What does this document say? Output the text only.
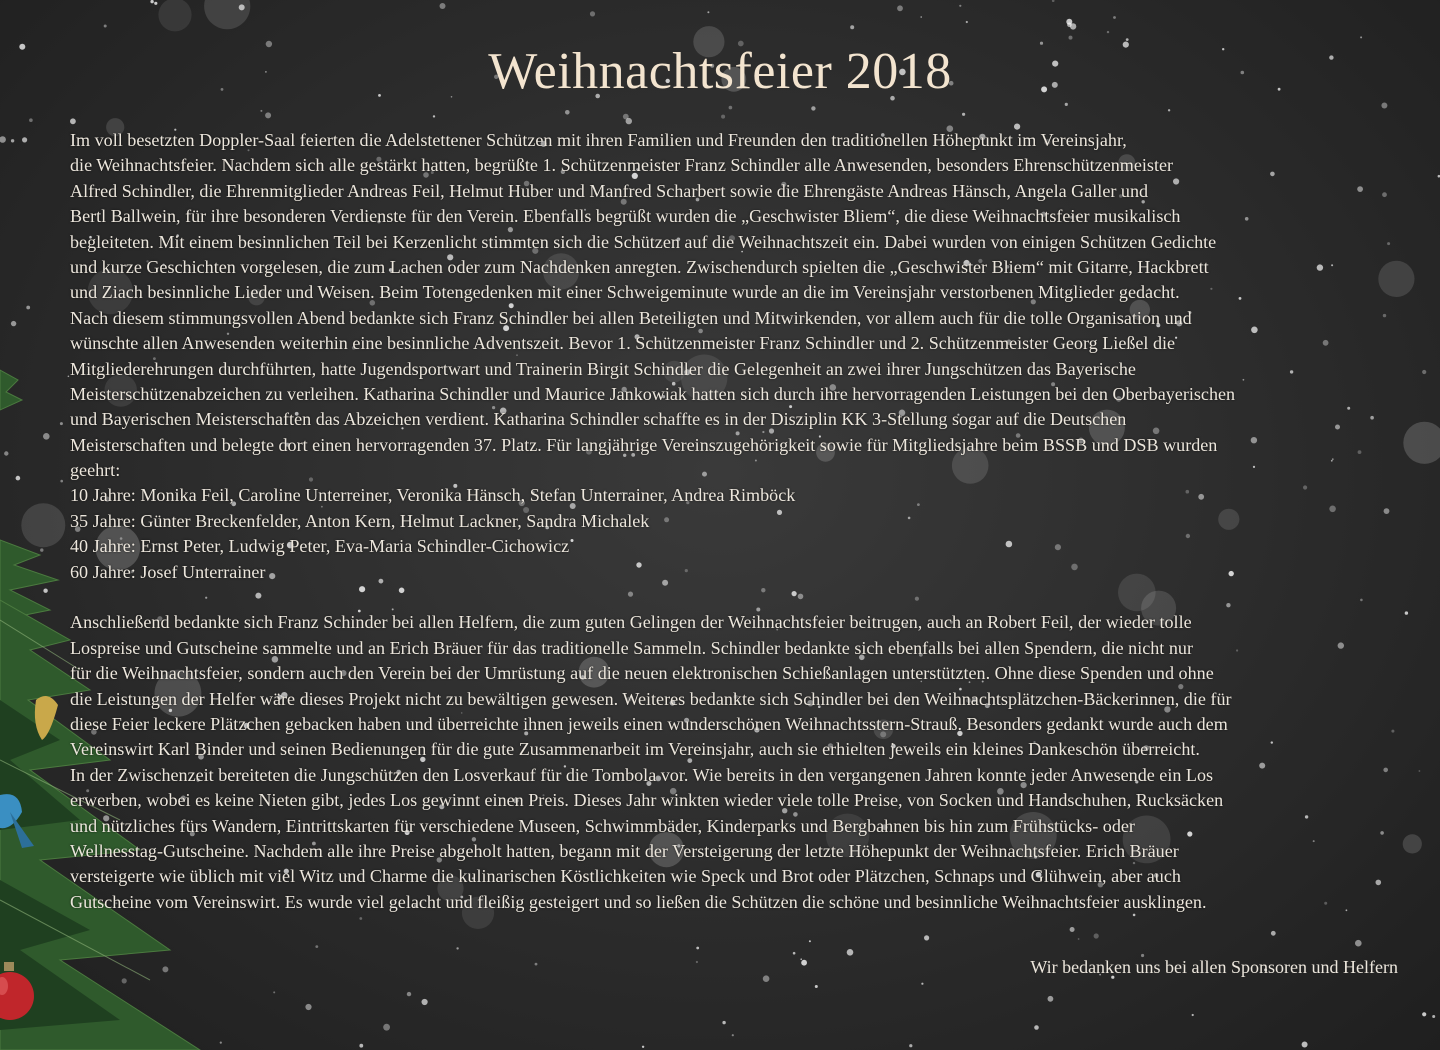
Weihnachtsfeier 2018
Im voll besetzten Doppler-Saal feierten die Adelstettener Schützen mit ihren Familien und Freunden den traditionellen Höhepunkt im Vereinsjahr,
die Weihnachtsfeier. Nachdem sich alle gestärkt hatten, begrüßte 1. Schützenmeister Franz Schindler alle Anwesenden, besonders Ehrenschützenmeister
Alfred Schindler, die Ehrenmitglieder Andreas Feil, Helmut Huber und Manfred Scharbert sowie die Ehrengäste Andreas Hänsch, Angela Galler und
Bertl Ballwein, für ihre besonderen Verdienste für den Verein. Ebenfalls begrüßt wurden die „Geschwister Bliem“, die diese Weihnachtsfeier musikalisch
begleiteten. Mit einem besinnlichen Teil bei Kerzenlicht stimmten sich die Schützen auf die Weihnachtszeit ein. Dabei wurden von einigen Schützen Gedichte
und kurze Geschichten vorgelesen, die zum Lachen oder zum Nachdenken anregten. Zwischendurch spielten die „Geschwister Bliem“ mit Gitarre, Hackbrett
und Ziach besinnliche Lieder und Weisen. Beim Totengedenken mit einer Schweigeminute wurde an die im Vereinsjahr verstorbenen Mitglieder gedacht.
Nach diesem stimmungsvollen Abend bedankte sich Franz Schindler bei allen Beteiligten und Mitwirkenden, vor allem auch für die tolle Organisation und
wünschte allen Anwesenden weiterhin eine besinnliche Adventszeit. Bevor 1. Schützenmeister Franz Schindler und 2. Schützenmeister Georg Ließel die
Mitgliederehrungen durchführten, hatte Jugendsportwart und Trainerin Birgit Schindler die Gelegenheit an zwei ihrer Jungschützen das Bayerische
Meisterschützenabzeichen zu verleihen. Katharina Schindler und Maurice Jankowiak hatten sich durch ihre hervorragenden Leistungen bei den Oberbayerischen
und Bayerischen Meisterschaften das Abzeichen verdient. Katharina Schindler schaffte es in der Disziplin KK 3-Stellung sogar auf die Deutschen
Meisterschaften und belegte dort einen hervorragenden 37. Platz. Für langjährige Vereinszugehörigkeit sowie für Mitgliedsjahre beim BSSB und DSB wurden
geehrt:
10 Jahre: Monika Feil, Caroline Unterreiner, Veronika Hänsch, Stefan Unterrainer, Andrea Rimböck
35 Jahre: Günter Breckenfelder, Anton Kern, Helmut Lackner, Sandra Michalek
40 Jahre: Ernst Peter, Ludwig Peter, Eva-Maria Schindler-Cichowicz
60 Jahre: Josef Unterrainer
Anschließend bedankte sich Franz Schinder bei allen Helfern, die zum guten Gelingen der Weihnachtsfeier beitrugen, auch an Robert Feil, der wieder tolle
Lospreise und Gutscheine sammelte und an Erich Bräuer für das traditionelle Sammeln. Schindler bedankte sich ebenfalls bei allen Spendern, die nicht nur
für die Weihnachtsfeier, sondern auch den Verein bei der Umrüstung auf die neuen elektronischen Schießanlagen unterstützten. Ohne diese Spenden und ohne
die Leistungen der Helfer wäre dieses Projekt nicht zu bewältigen gewesen. Weiteres bedankte sich Schindler bei den Weihnachtsplätzchen-Bäckerinnen, die für
diese Feier leckere Plätzchen gebacken haben und überreichte ihnen jeweils einen wunderschönen Weihnachtsstern-Strauß. Besonders gedankt wurde auch dem
Vereinswirt Karl Binder und seinen Bedienungen für die gute Zusammenarbeit im Vereinsjahr, auch sie erhielten jeweils ein kleines Dankeschön überreicht.
In der Zwischenzeit bereiteten die Jungschützen den Losverkauf für die Tombola vor. Wie bereits in den vergangenen Jahren konnte jeder Anwesende ein Los
erwerben, wobei es keine Nieten gibt, jedes Los gewinnt einen Preis. Dieses Jahr winkten wieder viele tolle Preise, von Socken und Handschuhen, Rucksäcken
und nützliches fürs Wandern, Eintrittskarten für verschiedene Museen, Schwimmbäder, Kinderparks und Bergbahnen bis hin zum Frühstücks- oder
Wellnesstag-Gutscheine. Nachdem alle ihre Preise abgeholt hatten, begann mit der Versteigerung der letzte Höhepunkt der Weihnachtsfeier. Erich Bräuer
versteigerte wie üblich mit viel Witz und Charme die kulinarischen Köstlichkeiten wie Speck und Brot oder Plätzchen, Schnaps und Glühwein, aber auch
Gutscheine vom Vereinswirt. Es wurde viel gelacht und fleißig gesteigert und so ließen die Schützen die schöne und besinnliche Weihnachtsfeier ausklingen.
Wir bedanken uns bei allen Sponsoren und Helfern
